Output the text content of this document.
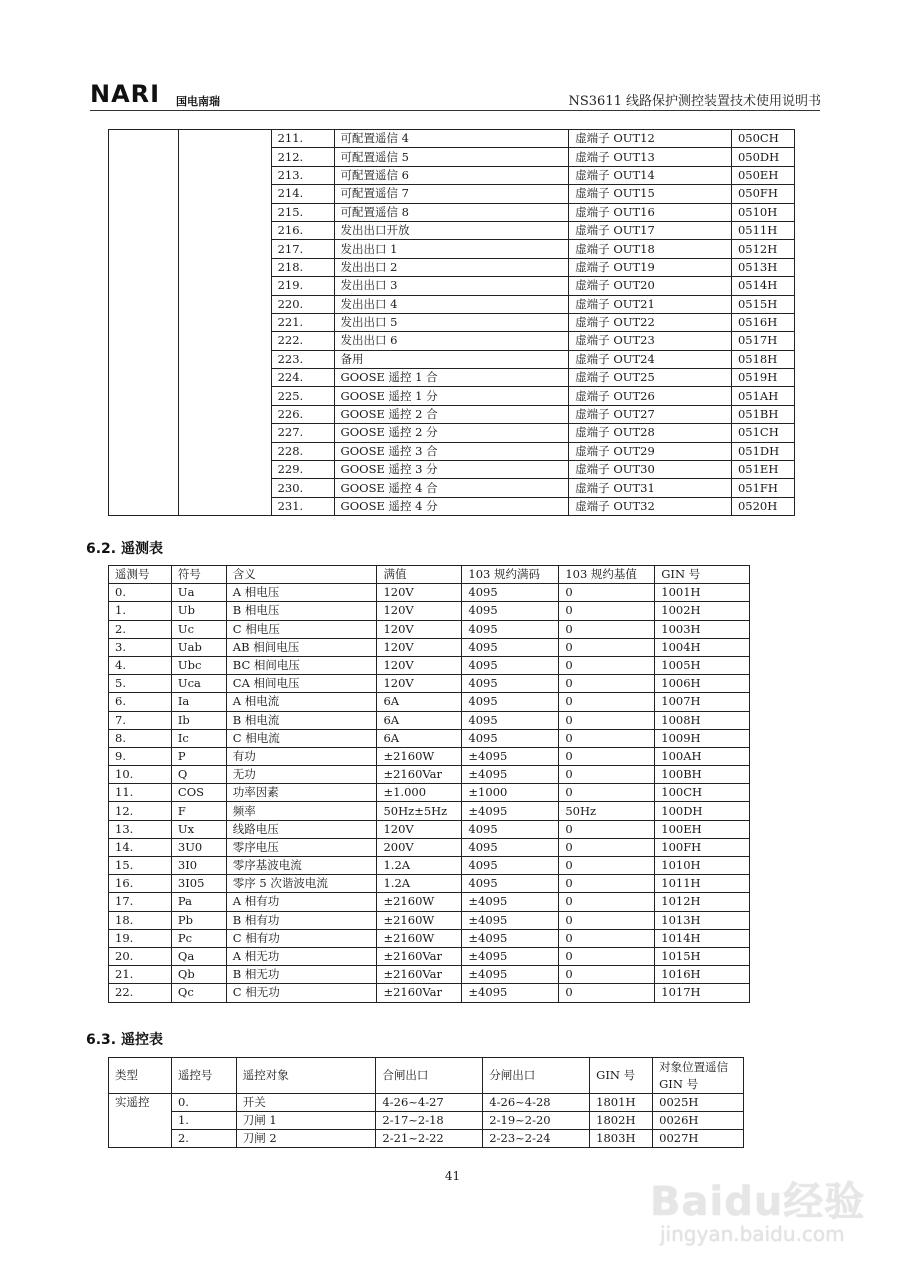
NARI 国电南瑞	NS3611 线路保护测控装置技术使用说明书
		211.	可配置遥信 4	虚端子 OUT12	050CH
		212.	可配置遥信 5	虚端子 OUT13	050DH
		213.	可配置遥信 6	虚端子 OUT14	050EH
		214.	可配置遥信 7	虚端子 OUT15	050FH
		215.	可配置遥信 8	虚端子 OUT16	0510H
		216.	发出出口开放	虚端子 OUT17	0511H
		217.	发出出口 1	虚端子 OUT18	0512H
		218.	发出出口 2	虚端子 OUT19	0513H
		219.	发出出口 3	虚端子 OUT20	0514H
		220.	发出出口 4	虚端子 OUT21	0515H
		221.	发出出口 5	虚端子 OUT22	0516H
		222.	发出出口 6	虚端子 OUT23	0517H
		223.	备用	虚端子 OUT24	0518H
		224.	GOOSE 遥控 1 合	虚端子 OUT25	0519H
		225.	GOOSE 遥控 1 分	虚端子 OUT26	051AH
		226.	GOOSE 遥控 2 合	虚端子 OUT27	051BH
		227.	GOOSE 遥控 2 分	虚端子 OUT28	051CH
		228.	GOOSE 遥控 3 合	虚端子 OUT29	051DH
		229.	GOOSE 遥控 3 分	虚端子 OUT30	051EH
		230.	GOOSE 遥控 4 合	虚端子 OUT31	051FH
		231.	GOOSE 遥控 4 分	虚端子 OUT32	0520H
6.2. 遥测表
遥测号	符号	含义	满值	103 规约满码	103 规约基值	GIN 号
0.	Ua	A 相电压	120V	4095	0	1001H
1.	Ub	B 相电压	120V	4095	0	1002H
2.	Uc	C 相电压	120V	4095	0	1003H
3.	Uab	AB 相间电压	120V	4095	0	1004H
4.	Ubc	BC 相间电压	120V	4095	0	1005H
5.	Uca	CA 相间电压	120V	4095	0	1006H
6.	Ia	A 相电流	6A	4095	0	1007H
7.	Ib	B 相电流	6A	4095	0	1008H
8.	Ic	C 相电流	6A	4095	0	1009H
9.	P	有功	±2160W	±4095	0	100AH
10.	Q	无功	±2160Var	±4095	0	100BH
11.	COS	功率因素	±1.000	±1000	0	100CH
12.	F	频率	50Hz±5Hz	±4095	50Hz	100DH
13.	Ux	线路电压	120V	4095	0	100EH
14.	3U0	零序电压	200V	4095	0	100FH
15.	3I0	零序基波电流	1.2A	4095	0	1010H
16.	3I05	零序 5 次谐波电流	1.2A	4095	0	1011H
17.	Pa	A 相有功	±2160W	±4095	0	1012H
18.	Pb	B 相有功	±2160W	±4095	0	1013H
19.	Pc	C 相有功	±2160W	±4095	0	1014H
20.	Qa	A 相无功	±2160Var	±4095	0	1015H
21.	Qb	B 相无功	±2160Var	±4095	0	1016H
22.	Qc	C 相无功	±2160Var	±4095	0	1017H
6.3. 遥控表
类型	遥控号	遥控对象	合闸出口	分闸出口	GIN 号	对象位置遥信 GIN 号
实遥控	0.	开关	4-26~4-27	4-26~4-28	1801H	0025H
	1.	刀闸 1	2-17~2-18	2-19~2-20	1802H	0026H
	2.	刀闸 2	2-21~2-22	2-23~2-24	1803H	0027H
41
Baidu经验
jingyan.baidu.com
